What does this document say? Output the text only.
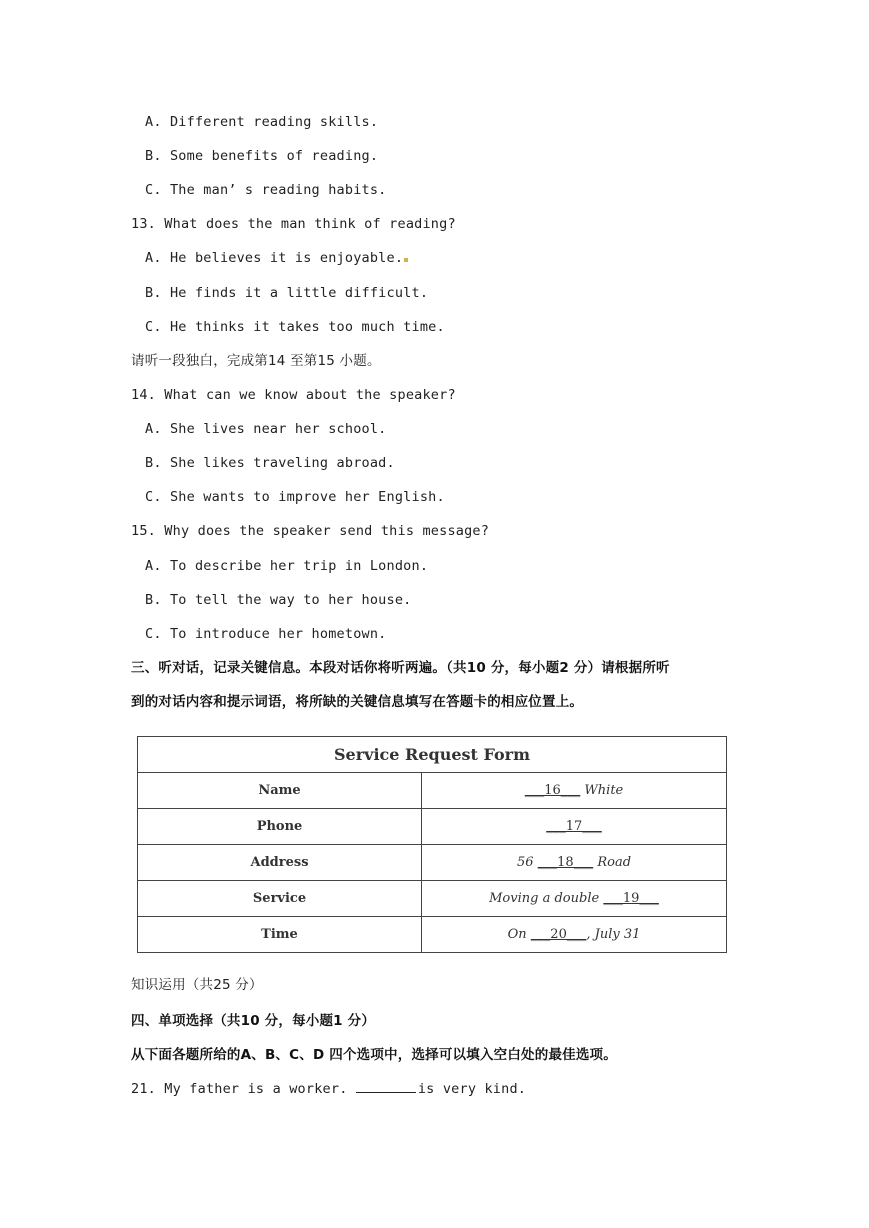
A. Different reading skills.
B. Some benefits of reading.
C. The man’ s reading habits.
13. What does the man think of reading?
A. He believes it is enjoyable.
B. He finds it a little difficult.
C. He thinks it takes too much time.
请听一段独白，完成第14 至第15 小题。
14. What can we know about the speaker?
A. She lives near her school.
B. She likes traveling abroad.
C. She wants to improve her English.
15. Why does the speaker send this message?
A. To describe her trip in London.
B. To tell the way to her house.
C. To introduce her hometown.
三、听对话，记录关键信息。本段对话你将听两遍。（共10 分，每小题2 分）请根据所听
到的对话内容和提示词语，将所缺的关键信息填写在答题卡的相应位置上。
Service Request Form	
Name	___16___ White
Phone	___17___
Address	56 ___18___ Road
Service	Moving a double ___19___
Time	On ___20___, July 31
知识运用（共25 分）
四、单项选择（共10 分，每小题1 分）
从下面各题所给的A、B、C、D 四个选项中，选择可以填入空白处的最佳选项。
21. My father is a worker.	is very kind.
